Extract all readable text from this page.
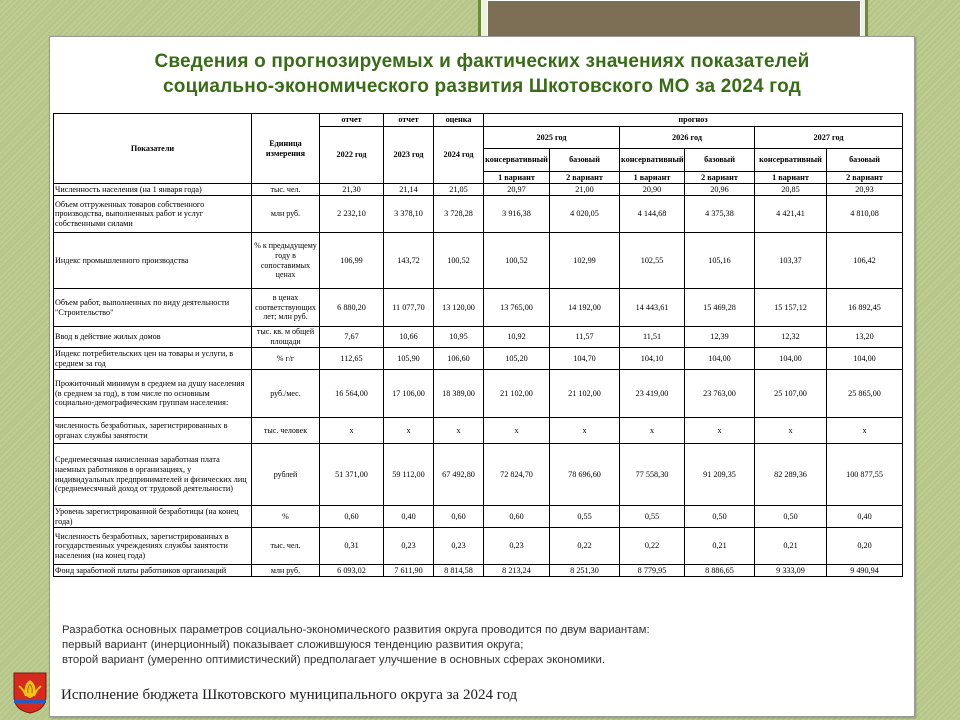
Сведения о прогнозируемых и фактических значениях показателей
социально-экономического развития Шкотовского МО за 2024 год
Показатели	Единица измерения	отчет	отчет	оценка	прогноз					
		2022 год	2023 год	2024 год	2025 год		2026 год		2027 год	
					консервативный	базовый	консервативный	базовый	консервативный	базовый
					1 вариант	2 вариант	1 вариант	2 вариант	1 вариант	2 вариант
Численность населения (на 1 января года)	тыс. чел.	21,30	21,14	21,05	20,97	21,00	20,90	20,96	20,85	20,93
Объем отгруженных товаров собственного производства, выполненных работ и услуг собственными силами	млн руб.	2 232,10	3 378,10	3 728,28	3 916,38	4 020,05	4 144,68	4 375,38	4 421,41	4 810,08
Индекс промышленного производства	% к предыдущему году в сопоставимых ценах	106,99	143,72	100,52	100,52	102,99	102,55	105,16	103,37	106,42
Объем работ, выполненных по виду деятельности "Строительство"	в ценах соответствующих лет; млн руб.	6 880,20	11 077,70	13 120,00	13 765,00	14 192,00	14 443,61	15 469,28	15 157,12	16 892,45
Ввод в действие жилых домов	тыс. кв. м общей площади	7,67	10,66	10,95	10,92	11,57	11,51	12,39	12,32	13,20
Индекс потребительских цен на товары и услуги, в среднем за год	% г/г	112,65	105,90	106,60	105,20	104,70	104,10	104,00	104,00	104,00
Прожиточный минимум в среднем на душу населения (в среднем за год), в том числе по основным социально-демографическим группам населения:	руб./мес.	16 564,00	17 106,00	18 389,00	21 102,00	21 102,00	23 419,00	23 763,00	25 107,00	25 865,00
численность безработных, зарегистрированных в органах службы занятости	тыс. человек	x	x	x	x	x	x	x	x	x
Среднемесячная начисленная заработная плата наемных работников в организациях, у индивидуальных предпринимателей и физических лиц (среднемесячный доход от трудовой деятельности)	рублей	51 371,00	59 112,00	67 492,80	72 824,70	78 696,60	77 558,30	91 209,35	82 289,36	100 877,55
Уровень зарегистрированной безработицы (на конец года)	%	0,60	0,40	0,60	0,60	0,55	0,55	0,50	0,50	0,40
Численность безработных, зарегистрированных в государственных учреждениях службы занятости населения (на конец года)	тыс. чел.	0,31	0,23	0,23	0,23	0,22	0,22	0,21	0,21	0,20
Фонд заработной платы работников организаций	млн руб.	6 093,02	7 611,90	8 814,58	8 213,24	8 251,30	8 779,95	8 886,65	9 333,09	9 490,94
Разработка основных параметров социально-экономического развития округа проводится по двум вариантам:
первый вариант (инерционный) показывает сложившуюся тенденцию развития округа;
второй вариант (умеренно оптимистический) предполагает улучшение в основных сферах экономики.
Исполнение бюджета Шкотовского муниципального округа за 2024 год
